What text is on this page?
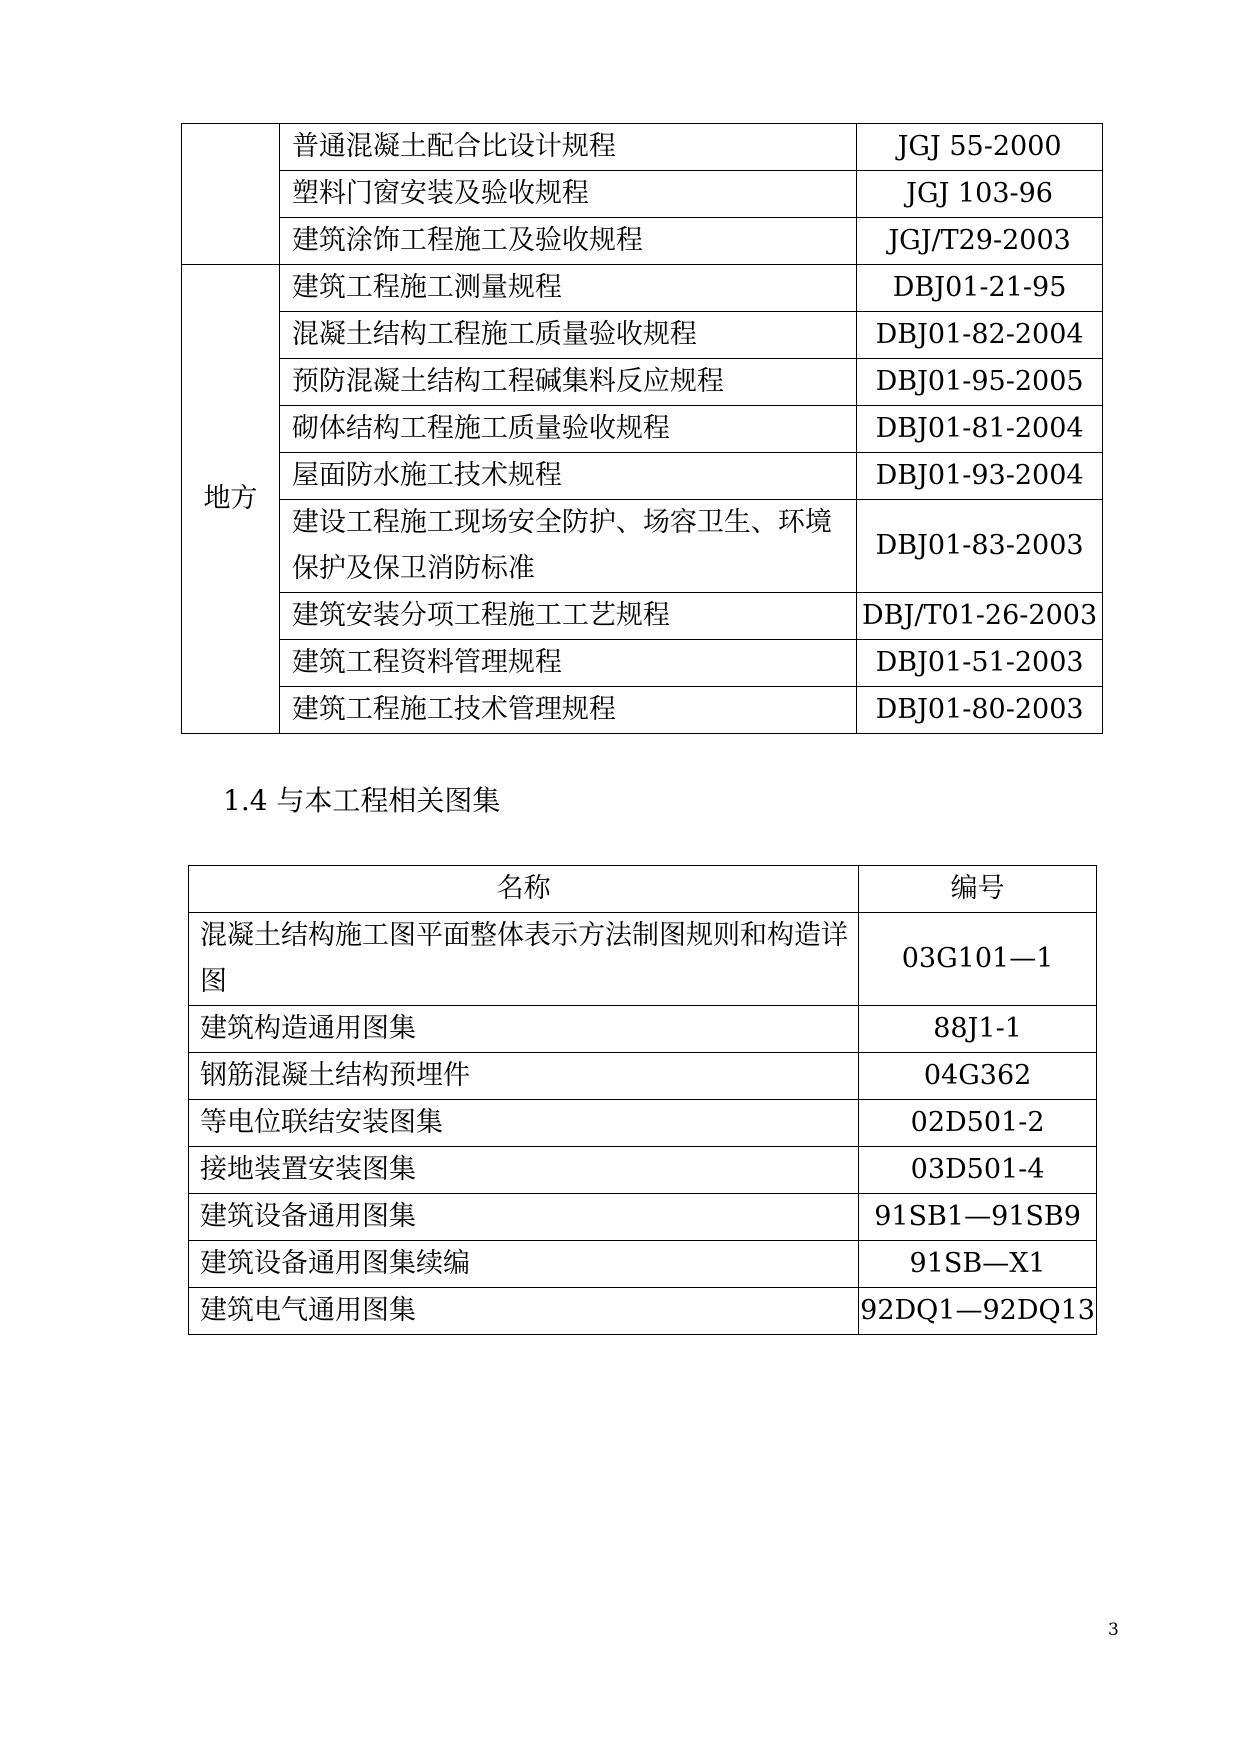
	普通混凝土配合比设计规程	JGJ 55-2000
	塑料门窗安装及验收规程	JGJ 103-96
	建筑涂饰工程施工及验收规程	JGJ/T29-2003
地方	建筑工程施工测量规程	DBJ01-21-95
	混凝土结构工程施工质量验收规程	DBJ01-82-2004
	预防混凝土结构工程碱集料反应规程	DBJ01-95-2005
	砌体结构工程施工质量验收规程	DBJ01-81-2004
	屋面防水施工技术规程	DBJ01-93-2004
	建设工程施工现场安全防护、场容卫生、环境保护及保卫消防标准	DBJ01-83-2003
	建筑安装分项工程施工工艺规程	DBJ/T01-26-2003
	建筑工程资料管理规程	DBJ01-51-2003
	建筑工程施工技术管理规程	DBJ01-80-2003
1.4 与本工程相关图集
名称	编号
混凝土结构施工图平面整体表示方法制图规则和构造详图	03G101—1
建筑构造通用图集	88J1-1
钢筋混凝土结构预埋件	04G362
等电位联结安装图集	02D501-2
接地装置安装图集	03D501-4
建筑设备通用图集	91SB1—91SB9
建筑设备通用图集续编	91SB—X1
建筑电气通用图集	92DQ1—92DQ13
3
